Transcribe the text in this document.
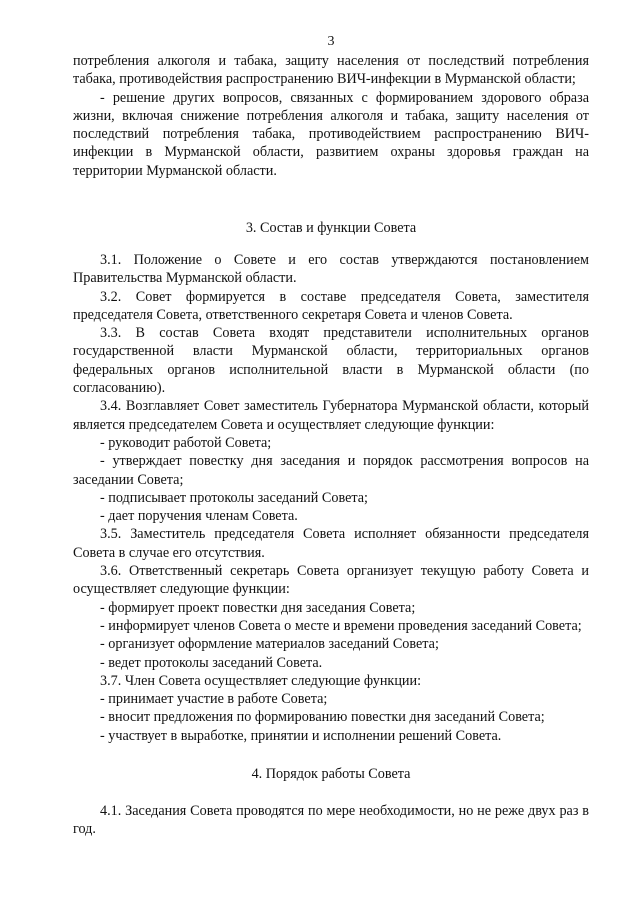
3

потребления алкоголя и табака, защиту населения от последствий потребления табака, противодействия распространению ВИЧ-инфекции в Мурманской области;

- решение других вопросов, связанных с формированием здорового образа жизни, включая снижение потребления алкоголя и табака, защиту населения от последствий потребления табака, противодействием распространению ВИЧ-инфекции в Мурманской области, развитием охраны здоровья граждан на территории Мурманской области.

3. Состав и функции Совета

3.1. Положение о Совете и его состав утверждаются постановлением Правительства Мурманской области.

3.2. Совет формируется в составе председателя Совета, заместителя председателя Совета, ответственного секретаря Совета и членов Совета.

3.3. В состав Совета входят представители исполнительных органов государственной власти Мурманской области, территориальных органов федеральных органов исполнительной власти в Мурманской области (по согласованию).

3.4. Возглавляет Совет заместитель Губернатора Мурманской области, который является председателем Совета и осуществляет следующие функции:

- руководит работой Совета;

- утверждает повестку дня заседания и порядок рассмотрения вопросов на заседании Совета;

- подписывает протоколы заседаний Совета;

- дает поручения членам Совета.

3.5. Заместитель председателя Совета исполняет обязанности председателя Совета в случае его отсутствия.

3.6. Ответственный секретарь Совета организует текущую работу Совета и осуществляет следующие функции:

- формирует проект повестки дня заседания Совета;

- информирует членов Совета о месте и времени проведения заседаний Совета;

- организует оформление материалов заседаний Совета;

- ведет протоколы заседаний Совета.

3.7. Член Совета осуществляет следующие функции:

- принимает участие в работе Совета;

- вносит предложения по формированию повестки дня заседаний Совета;

- участвует в выработке, принятии и исполнении решений Совета.

4. Порядок работы Совета

4.1. Заседания Совета проводятся по мере необходимости, но не реже двух раз в год.
